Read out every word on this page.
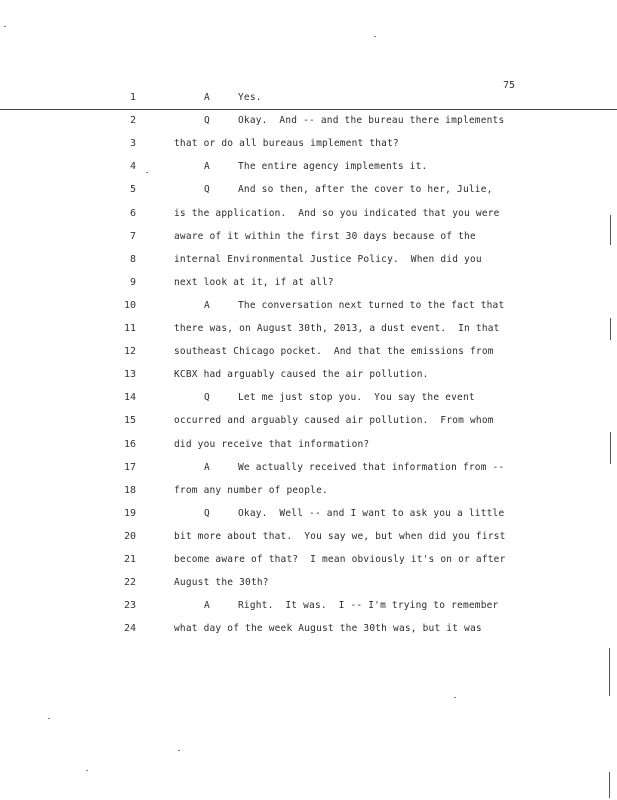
75
1	A	Yes.
2	Q	Okay.  And -- and the bureau there implements
3	that or do all bureaus implement that?
4	A	The entire agency implements it.
5	Q	And so then, after the cover to her, Julie,
6	is the application.  And so you indicated that you were
7	aware of it within the first 30 days because of the
8	internal Environmental Justice Policy.  When did you
9	next look at it, if at all?
10	A	The conversation next turned to the fact that
11	there was, on August 30th, 2013, a dust event.  In that
12	southeast Chicago pocket.  And that the emissions from
13	KCBX had arguably caused the air pollution.
14	Q	Let me just stop you.  You say the event
15	occurred and arguably caused air pollution.  From whom
16	did you receive that information?
17	A	We actually received that information from --
18	from any number of people.
19	Q	Okay.  Well -- and I want to ask you a little
20	bit more about that.  You say we, but when did you first
21	become aware of that?  I mean obviously it's on or after
22	August the 30th?
23	A	Right.  It was.  I -- I'm trying to remember
24	what day of the week August the 30th was, but it was
